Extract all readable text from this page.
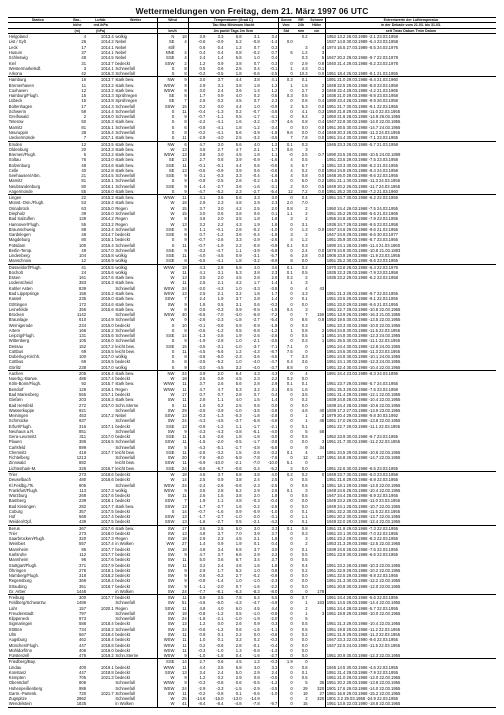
Wettermeldungen von Freitag, dem 21. März 1997 06 UTC
Station	Bar.-	Luftdr.	Wetter	Wind		Temperaturen (Grad C)					Sonne	RR	Schnee	Extremwerte der Lufttemperatur
	höhe	red./hPa				Tau Max Minimum Nacht					Vorr.	24h	Höhe	in der Dekade vom 21.03. bis 31.03.
	(m)	(hPa)		km/h		2m punkt Tags 2m 5cm					Std	mm	cm	seit Tmax Datum Tmin Datum
Helgoland	4	1013.4	wolkig	N	18	3.9	3.3	6.8	3.1	3.4		0.2		1952 13.2 26.03.1989 -2.1 23.03.1958
List / Sylt	26	1014.2	Nebel	SE	4	-0.6	-0.9	5.2	-0.8	-1.4	0.0			1937 14.8 30.03.1989 -6.4 23.03.1958
Leck	17	1014.1	Nebel	still		0.6	0.4	1.2	0.7	0.3		3	4	1974 16.5 27.03.1989 -8.5 24.03.1976
Husum	37	1014.1	Nebel	NNE	4	0.4	0.4	0.8	-0.2	0.7	6	1.2	3	
Schleswig	48	1014.5	Nebel	SSE	4	2.4	1.4	5.8	1.0	0.4		0.3	5	1947 20.2 29.03.1968 -9.7 22.03.1978
Kiel	31	1013.7	bedeckt	SSW	2	1.2	0.9	3.8	0.7	0.3	0	2.9	0.8	1940 21.4 29.03.1968 -8.2 23.03.1978
Westermarkelsdf.	3	1014.1	Schneefall	S	8	0.5	0.6	2.5	0.4	-0.1	1	4.3	0.1	
Arkona	42	1016.3	Schneefall	S	8	-0.2	-0.5	1.8	-0.6	-2.5	0	10.3	0.0	1951 18.4 25.03.1989 -8.1 21.03.1955
Hamburg	16	1013.7	stark bew.	NW	9	3.0	3.7	4.4	3.8	4.1	0.3	0.1		1891 21.0 29.03.1968 -8.4 21.03.1960
Bremerhaven	11	1013.2	stark bew.	WSW	9	2.9	3.1	3.8	1.8	1.2	1	1.8	2	1948 22.5 29.03.1968 -8.8 23.03.1958
Cuxhaven	12	1013.2	stark bew.	WSW	8	3.0	2.4	3.6	1.4	1.2	0	2.7	2	1946 22.4 29.03.1968 -4.2 21.03.1965
Hamburg/Flugh.	15	1013.3	Sprühregen	SE	8	1.7	0.9	4.0	0.2	0.5	0.3	0.5	2	1936 21.0 29.03.1968 -9.8 23.03.1958
Lübeck	15	1013.8	Sprühregen	SE	7	2.6	0.2	4.5	0.7	2.3	0	0.6	0.4	1890 23.4 28.03.1968 -9.9 26.03.1958
Boltenhagen	17	1014.3	Schneefall	SSW	15	0.2	0.0	4.4	1.0	-0.9	2	5.3	0.0	1951 21.7 30.03.1968 -9.1 22.03.1955
Schwerin	59	1014.4	Schneefall	S	11	-0.4	-1.3	0.2	-0.7	-3.8	0	4.1	0.3	1950 21.8 29.03.1968 -11.0 22.03.1955
Greifswald	2	1016.0	Schneefall	S	9	-0.7	-1.1	0.5	-1.7	-4.1	0	9.2	2	1950 21.8 28.03.1968 -14.9 26.03.1955
Teterow	50	1015.3	stark bew.	S	8	-2.2	-4.1	1.6	-3.2	-3.7	4.6	0.8	0.4	1947 22.8 30.03.1968 -14.0 22.03.1955
Marnitz	81	1015.1	Schneefall	S	6	-0.8	-4.1	1.8	-1.2	-3.4	0	0.0	0.0	1951 26.5 30.03.1968 -14.7 24.03.1955
Neuruppin	38	1015.4	Schneefall	S	8	-0.2	-4.1	5.6	-3.9	-1.8	9.6	0.0	0.4	1949 20.3 26.03.1968 -11.3 24.03.1955
Ueckermünde	7	1017.1	stark bew.	S	11	-2.9	-4.0	2.5	-3.2	-3.5	7	7.8	0.0	1951 24.4 30.03.1968 -7.1 23.03.1955
Emden	12	1013.5	stark bew.	NW	6	4.7	3.0	5.6	4.0	1.2	0.1	0.3		1946 23.3 28.03.1968 -5.7 21.03.1958
Oldenburg	20	1013.3	stark bew.	W	13	3.6	2.7	4.7	2.1	1.7	0.6	3		
Bremen/Flugh.	5	1013.2	stark bew.	WSW	13	3.8	3.0	4.5	1.8	1.1	-0	2.5	0.7	1890 23.5 29.03.1968 -10.5 24.03.1899
Soltau	76	1013.0	stark bew.	SE	13	2.7	0.8	3.9	-0.9	-1.6	4	0.5		1951 23.5 29.03.1968 -7.5 23.03.1958
Bolzenburg	48	1014.6	stark bew.	SSE	11	-0.1	-0.1	4.4	0.6	-0.6	4	5.7	1	1951 23.3 30.03.1968 -8.2 21.03.1955
Celle	40	1012.8	stark bew.	SE	13	-0.5	-0.9	3.9	0.6	-0.6	4	0.2	0.0	1954 24.8 29.03.1968 -6.4 24.03.1958
Seehausen/Altm.	21	1014.5	Schneefall	SSE	9	0.1	-0.3	3.3	-0.4	-1.6	4	0.8	0.0	1948 26.0 29.03.1968 -9.6 22.03.1955
Marnitz	81	1015.1	Schneefall	S	9	-0.8	-2.5	2.8	-0.2	-1.5	0	5.0	0.2	1951 21.1 30.03.1968 -11.3 24.03.1955
Neubrandenburg	80	1016.1	Schneefall	SSE	9	-1.4	-2.7	3.6	-1.6	-3.1	2	0.0	0.5	1949 20.2 26.03.1968 -11.7 24.03.1955
Angermünde	55	1016.0	stark bew.	S	9	-4.7	-5.2	2.3	-2.7	-5.4	12	7.2	0.0	1951 26.2 30.03.1968 -7.2 21.03.1960
Lingen	22	1015.2	stark bew.	WNW	11	4.1	3.6	5.6	3.3	3.0	0	0.4	2	1951 24.7 30.03.1968 -6.2 22.03.1955
Münst.-Osn./Flugh.	53	1015.4	stark bew.	W	18	2.9	2.3	4.8	2.9	2.3	2.0	7.0		
Osnabrück	63	1015.0	Regen	W	15	3.7	3.0	4.2	2.5	2.0	0.8	2		1950 24.4 29.03.1968 -7.5 24.03.1955
Diepholz	39	1015.0	Schneefall	W	15	3.0	0.6	3.8	0.6	0.1	1.1	2		1951 25.2 29.03.1968 -5.6 21.03.1965
Bad Salzuflen	139	1014.2	Regen	W	8	3.6	2.0	3.5	1.8	1.8	3	2		1955 24.8 28.03.1968 -7.9 23.03.1955
Hannover/Flugh.	55	1013.2	Regen	W	13	3.2	2.2	4.3	1.9	1.8	0	3.1		1936 24.7 29.03.1968 -9.5 23.03.1958
Braunschweig	88	1013.4	Schneefall	SSE	9	1.1	-0.1	2.8	-0.2	-1.0	0	1.3	0.0	1947 24.6 29.03.1968 -9.6 21.03.1955
Gardelegen	48	1014.7	bedeckt	SSE	8	0.7	-1.2	3.6	-0.4	-1.8	3	2		1947 24.9 29.03.1968 -8.6 30.03.1977
Magdeburg	80	1015.1	bedeckt	S	9	-0.7	-2.6	3.3	-2.9	-2.6	4	1.2		1951 25.9 30.03.1968 -8.7 23.03.1955
Potsdam	100	1015.4	Schneefall	S	11	-0.7	-1.9	2.2	-0.8	-0.9	0.1	0.3		1890 24.1 28.03.1989 -11.4 21.03.1960
Berlin-Temp.	49	1017.0	Schneefall	SSE	9	-3.2	-4.7	1.1	-3.9	-6.8	0	2.4	0.0	1876 24.8 30.03.1968 -10.8 21.03.1883
Lindenberg	104	1015.8	wolkig	SSE	11	-4.0	-4.5	0.9	-3.1	-5.7	6	2.8	0.0	1906 23.8 29.03.1968 -11.9 23.03.1955
Manschnow	12	1016.9	wolkig	SSE	8	-6.5	-4.1	1.8	-3.2	-8.9	8	0.0		1951 25.2 30.03.1968 -8.6 23.03.1955
Düsseldorf/Flugh.	41	1015.5	wolkig	WNW	18	4.3	2.8	5.9	4.0	3.6	0.1	0.2		1970 23.8 28.03.1968 -6.4 22.03.1976
Bocholt	24	1015.6	wolkig	W	11	4.1	3.1	5.3	3.8	2.3	0.1	0.5		1935 22.3 29.03.1968 -7.9 23.03.1958
Essen	161	1017.6	stark bew.	W	13	3.5	2.0	4.5	2.8	2.6	0.2	2		1935 23.2 29.03.1968 -6.2 23.03.1958
Lüdenscheid	383	1016.3	stark bew.	W	11	2.5	2.1	4.2	1.7	1.4	1	3		
Kahler Asten	839		Schneefall	WSW	24	-3.0	-4.3	1.0	-3.3	-3.8	0	4	43	
Bad Lippspringe	158	1015.2	stark bew.	WSW	13	2.5	2.1	3.2	1.8	1.7	0	4.3		1951 21.3 29.03.1968 -9.7 22.03.1955
Kassel	235	1015.0	stark bew.	SSW	7	2.4	1.9	3.7	2.8	1.4	0	0.1		1951 23.5 29.03.1968 -9.1 22.03.1955
Göttingen	172	1014.6	stark bew.	SW	9	1.8	0.5	3.1	0.6	-0.3	0	0.0		1951 23.0 29.03.1968 -9.6 21.03.1955
Leinefelde	356	1015.6	stark bew.	W	8	0.5	-0.3	0.9	-0.5	-1.6	0.4	3		1951 22.7 29.03.1968 -10.8 22.03.1955
Brocken	1142		Schneefall	WSW	40	-6.5	-7.0	-4.0	-6.8	-7.2	0	7	150	1951 13.9 26.03.1989 -16.3 21.03.1955
Braunlage	610	1014.9	Schneefall	W	9	-2.6	-2.3	-1.8	-2.7	-5.4	0	8.6	0.8	1952 19.5 30.03.1968 -13.5 22.03.1955
Wernigerode	234	1015.0	bedeckt	S	10	-0.1	-0.6	0.9	-0.9	-1.9	0	0.3		1951 23.3 30.03.1968 -10.0 22.03.1955
Artern	166	1016.2	Schneefall	S	8	-0.5	-1.2	0.5	-0.8	-1.2	1	0.8	2	1954 24.8 30.03.1968 -11.5 22.03.1955
Leipzig/Flugh.	131	1015.6	Schneefall	SSE	14	-1.3	-2.5	1.9	-2.5	-2.6	0	0.5	1	1951 24.8 30.03.1968 -12.3 24.03.1955
Wittenberg	105	1016.0	Schneefall	S	9	-1.9	-2.8	1.0	-2.1	-3.5	0	0.3	1	1951 25.5 30.03.1968 -11.1 22.03.1955
Dessau	152	1017.2	leicht bew.	SSE	15	-3.5	-3.1	-1.0	-3.7	-7.1	7.1	0		1951 24.4 30.03.1968 -12.8 24.03.1955
Cottbus	69	1016.5	leicht bew.	S	11	-4.5	-5.6	1.2	-4.3	-8.7	7.5	0		1951 24.5 30.03.1968 -11.3 23.03.1955
Doberlug-Kirchh.	100	1017.0	wolkig	S	8	-3.8	-6.0	-2.3	-3.6	-4.5	7	3.3		1951 24.8 30.03.1968 -10.1 24.03.1955
Cottbus	69	1016.5	bedeckt	S	8	-3.5	-5.2	1.0	-4.0	-4.7	0.4	3.6		1951 24.1 30.03.1968 -12.3 24.03.1955
Görlitz	238	1017.0	wolkig	S	9	-3.0	-4.5	3.2	-4.0	-3.7	8.8	0		1951 22.4 30.03.1968 -10.4 22.03.1955
Aachen	205	1016.4	stark bew.	NW	24	3.9	2.0	6.4	4.3	4.3	0	4		1891 24.4 23.03.1989 -8.3 24.03.1895
Nuerbg.-Barwe.	486	1017.4	bedeckt	W	18	2.5	0.9	4.5	2.3	2.2	0.2	0.0		
Köln-Bonn/Flugh.	92	1015.7	stark bew.	WNW	11	3.7	2.6	5.6	2.8	2.9	0.1	0.1		1951 23.7 29.03.1968 -5.7 24.03.1955
Bendorf	128	1016.1	Regen	WNW	11	4.7	4.7	5.3	3.2	3.1	0.5	1.6		1951 25.3 29.03.1968 -7.5 23.03.1958
Bad Marienberg	555	1017.1	bedeckt	W	17	0.7	0.7	2.8	0.7	0.4	0	3.5		1951 21.4 29.03.1968 -12.1 22.03.1955
Gießen	203	1016.3	stark bew.	SW	11	2.8	1.1	4.0	1.5	1.4	0	0.2		1939 24.8 28.03.1968 -10.4 22.03.1955
Bad Hersfeld	272	1017.0	Schn.Sterne	S	11	1.0	0.2	2.5	0.6	0.0	0	0.0		1939 24.4 28.03.1968 -10.6 22.03.1955
Wasserkuppe	921		Schneefall	SW	29	-3.5	-3.9	-1.0	-3.5	-3.8	0	4.8	40	1939 17.2 27.03.1968 -13.9 23.03.1955
Meiningen	453	1017.2	Nebel	SSW	13	-0.3	-1.3	-0.3	-1.8	-2.8	0	1	2	1979 20.4 29.03.1968 -9.8 30.03.1992
Schmücke	937		Schneefall	SW	24	-4.3	-4.5	-3.7	-5.8	-4.8	0	1	48	1951 17.0 29.03.1968 -13.8 22.03.1955
Erfurt/Flugh.	316	1017.1	bedeckt	SSE	13	-0.9	-1.2	1.1	-1.7	-2.1	0	0.1		1951 22.7 29.03.1968 -11.1 22.03.1955
Neuhaus a.R.	851		Schneefall	SW	9	-3.3	-4.3	-3.8	-5.1	-4.0	0	5	58	
Gera-Leumnitz	311	1017.0	bedeckt	SSE	11	-1.5	-2.6	1.8	-1.8	-3.0	0	0.5		1952 23.9 30.03.1968 -9.7 23.03.1955
Plauen	386	1016.5	Schneefall	SSW	11	-1.5	-2.0	-0.5	-1.7	-3.8	0	0.0	3	1951 21.7 30.03.1968 -11.2 22.03.1955
Carlsfeld	899		Schneefall	SW	5	-4.3	-5.1	-1.7	-4.8	-5.8	0	9	34	
Chemnitz	418	1017.7	leicht bew.	SSE	11	-2.6	-3.2	1.5	-2.6	-3.2	0.1	4		1951 24.5 29.03.1968 -10.6 22.03.1955
Fichtelberg	1213		Schneefall	SW	20	-7.6	-8.0	-5.9	-7.8	-7.6	0	13	127	1951 16.8 29.03.1968 -14.7 22.03.1955
Zinnwald	882		leicht bew.	SSW	11	-6.9	-10.0	-2.1	-7.0	-10.0	5.1	0		
Lichtenhain-M.	326	1016.7	leicht bew.	SSE	24	-6.6	-6.7	-0.6	-2.4	-5.2	2	0.0		1951 22.6 30.03.1968 -8.5 23.03.1955
Trier	273	1018.6	bedeckt	W	18	4.6	3.7	6.8	3.8	4.0	0.2	0.2	0	1949 23.7 30.03.1968 -6.0 23.03.1958
Deuselbach	480	1018.6	bedeckt	W	14	2.5	0.9	3.8	2.4	2.5	0	0.5		1951 21.6 29.03.1968 -8.9 22.03.1955
Kl.Feldbg./Ts.	805		Schneefall	WSW	24	-2.4	-2.6	-0.6	-2.3	-2.5	0	0.6	1	1951 18.1 29.03.1968 -14.0 22.03.1955
Frankfurt/Flugh.	113	1017.3	wolkig	WSW	9	3.5	2.8	6.2	2.9	2.6	0.1	3		1949 24.6 28.03.1968 -10.4 22.03.1955
Würzburg	268	1017.6	bedeckt	SW	11	2.6	1.5	3.8	2.0	1.8	0	0.5		1947 24.4 28.03.1968 -8.9 22.03.1955
Bamberg	239	1018.1	bedeckt	SSW	7	1.9	1.1	4.8	-0.3	-0.4	0	0.0		1949 23.2 29.03.1968 -11.0 23.03.1955
Bad Kissingen	282	1017.7	stark bew.	SSW	13	-1.7	-2.7	1.6	-2.2	-2.8	0	0.0		1949 24.1 28.03.1968 -10.7 22.03.1955
Coburg	357	1017.5	bedeckt	S	14	-0.7	-1.6	0.9	-0.9	-1.0	0	0.1		1951 22.2 30.03.1968 -11.5 22.03.1955
Hof	568	1017.4	bedeckt	SSW	13	-1.7	-2.7	-1.0	-2.0	-3.1	0	1.1		1951 20.2 30.03.1968 -13.7 22.03.1955
Weiden/Opf.	439	1017.5	bedeckt	SSW	13	-1.6	-2.7	0.5	-2.1	-4.2	0	0.1		1949 22.0 29.03.1968 -12.4 22.03.1955
Berus	367	1017.6	stark bew.	SW	17	3.6	2.5	5.0	3.0	3.3	0.1	0.8		1951 21.9 29.03.1968 -7.3 22.03.1955
Trier	273	1018.0	bedeckt	SW	13	4.8	3.7	7.0	3.9	3.7	0	0.3		1951 23.1 30.03.1968 -7.0 22.03.1955
Saarbrücken/Flugh.	320	1017.3	Regen	SW	18	2.9	2.3	4.5	2.1	1.8	0	3		1951 23.2 29.03.1968 -8.3 22.03.1955
Weinbiet	557	1017.4	in Wolken	WW	27	1.4	0.9	1.9	0.1	0.4	0	2		1953 21.3 29.03.1968 -12.5 22.03.1955
Mannheim	96	1017.7	bedeckt	SW	18	4.8	3.4	6.9	3.7	3.0	0	0.1		1939 24.6 28.03.1968 -7.6 22.03.1955
Karlsruhe	112	1017.7	bedeckt	SW	9	4.7	3.7	6.6	2.9	2.2	0	0.5		1951 23.9 30.03.1968 -6.6 22.03.1955
Mannheim	96	1017.6	bedeckt	SW	11	5.0	3.6	6.7	3.4	3.7	0	0.5		
Stuttgart/Flugh.	371	1017.9	bedeckt	SW	11	3.2	2.4	4.6	1.6	1.6	0	0.4		1951 23.2 28.03.1968 -10.3 22.03.1955
Öhringen	276	1018.1	bedeckt	SW	9	2.9	1.7	5.2	1.0	0.8	0	0.2		1951 22.9 29.03.1968 -10.2 22.03.1955
Nürnberg/Flugh.	318	1018.2	bedeckt	SW	9	0.6	-0.2	2.7	-0.2	-0.9	0	0.0		1951 22.5 29.03.1968 -9.8 22.03.1955
Regensburg	366	1018.4	bedeckt	SW	9	-0.8	-1.4	1.0	-1.0	-2.3	0	0.0		1951 21.3 30.03.1968 -12.2 22.03.1955
Straubing	351	1018.7	bedeckt	SW	9	-1.1	-2.0	0.7	-1.6	-2.2	0	0.0		1951 20.8 30.03.1968 -12.0 22.03.1955
Gr. Arber	1446		in Wolken	SW	24	-7.7	-8.1	-6.3	-8.3	-8.0	0	0	178	
Freiburg	300	1017.7	bedeckt	SW	11	5.9	3.5	7.8	5.4	5.5	0	0.7		1951 24.4 28.03.1968 -5.6 22.03.1955
Feldberg/Schwarzw.	1486		Schneefall	SW	51	-4.6	-5.0	-4.3	-4.7	-4.9	0	1	163	1951 14.5 29.03.1968 -14.4 22.03.1955
Lahr	157	1020.1	Regen	SSW	11	4.8	4.0	6.0	4.5	4.4	0	2		1951 24.4 28.03.1968 -5.7 22.03.1955
Freudenstadt	797		Schneefall	SW	18	-0.8	-1.2	0.5	-1.0	-0.8	0	1	3	1951 19.8 29.03.1968 -10.0 22.03.1955
Klippeneck	973		Schneefall	SW	24	-1.8	-2.1	-1.0	-1.9	-2.0	0	5		
Sigmaringen	588	1018.4	bedeckt	SW	13	1.2	0.0	2.6	0.9	0.3	0	0.5		1951 21.3 29.03.1968 -10.4 22.03.1955
Stötten	734	1018.2	Schneefall	SW	24	-0.6	-1.2	0.6	-1.6	-1.1	0	0.5		1951 19.8 29.03.1968 -11.2 22.03.1955
Ulm	567	1018.4	bedeckt	SW	11	0.9	0.1	2.2	0.0	-0.6	0	0.2		1951 21.9 29.03.1968 -11.3 22.03.1955
Augsburg	462	1018.4	bedeckt	WSW	11	1.0	0.1	3.2	0.2	-0.3	0	0.0		1947 23.3 22.03.1990 -9.6 22.03.1955
München/Flugh.	447	1018.8	bedeckt	WSW	11	0.2	-0.6	2.8	-0.1	-0.4	0	0.0		1947 22.5 24.03.1990 -11.5 22.03.1955
Mühldorf/Inn	406	1019.0	bedeckt	WSW	11	-0.3	-1.0	1.3	-0.8	-1.3	0	0.0		
Fürstenzell	476	1019.2	Schn.Sterne	WSW	9	-1.0	-1.8	0.4	-1.6	-2.7	0	0.0		1951 20.9 30.03.1968 -12.3 22.03.1955
Friedberg/Bay.				SSE	14	2.7	0.6	4.5	1.2	-0.3	1.9	0		
Lindau	400	1019.1	bedeckt	WNW	11	4.4	3.5	5.9	4.0	3.3	0	0.6		1945 14.5 30.03.1966 -4.6 22.03.1955
Konstanz	447	1018.8	bedeckt	SSW	13	3.4	2.4	5.0	2.9	2.4	0	0.1		1951 21.4 29.03.1968 -7.9 22.03.1955
Kempten	705	1021.3	bedeckt	W	9	1.2	0.2	2.9	0.8	-0.5	0	0.5		1951 21.0 29.03.1968 -12.0 22.03.1955
Oberstdorf	806		Schneefall	WNW	9	-0.3	-0.8	0.6	-0.5	-1.2	0	5	35	1951 20.2 29.03.1968 -13.8 22.03.1955
Hohenpeißenberg	986		Schneefall	WSW	24	-2.9	-3.3	-1.5	-2.9	-3.5	0	29	320	1901 17.6 29.03.1968 -14.0 22.03.1955
Garm.-Partenk.	720	1021.7	Schneefall	SW	11	-0.2	-0.8	0.1	-0.6	-1.0	0	19	27	1951 16.8 29.03.1968 -15.2 22.03.1955
Zugspitze	2962		Schneefall	W	25	-14.8	-15.0	-13.0	-14.9		0	2	320	1901 3.2 29.03.1968 -24.9 22.03.1955
Wendelstein	1835		in Wolken	W	41	-8.4	-8.4	-4.8	-7.8	-9.7	0	15		1951 13.8 22.03.1990 -18.8 22.03.1955
